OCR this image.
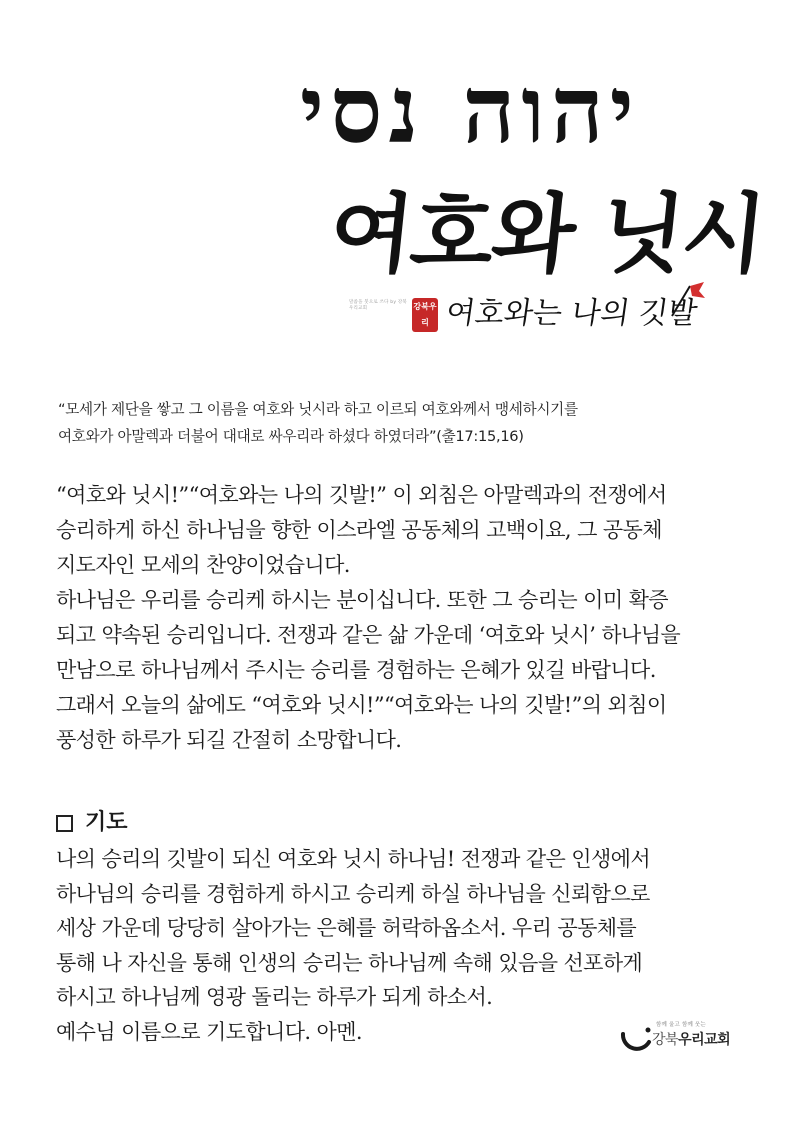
יהוה נסי
여호와 닛시
말씀을 붓으로 쓰다 by 강북우리교회	강북우리 여호와는 나의 깃발
“모세가 제단을 쌓고 그 이름을 여호와 닛시라 하고 이르되 여호와께서 맹세하시기를
여호와가 아말렉과 더불어 대대로 싸우리라 하셨다 하였더라”(출17:15,16)
“여호와 닛시!”“여호와는 나의 깃발!” 이 외침은 아말렉과의 전쟁에서
승리하게 하신 하나님을 향한 이스라엘 공동체의 고백이요, 그 공동체
지도자인 모세의 찬양이었습니다.
하나님은 우리를 승리케 하시는 분이십니다. 또한 그 승리는 이미 확증
되고 약속된 승리입니다. 전쟁과 같은 삶 가운데 ‘여호와 닛시’ 하나님을
만남으로 하나님께서 주시는 승리를 경험하는 은혜가 있길 바랍니다.
그래서 오늘의 삶에도 “여호와 닛시!”“여호와는 나의 깃발!”의 외침이
풍성한 하루가 되길 간절히 소망합니다.
기도
나의 승리의 깃발이 되신 여호와 닛시 하나님! 전쟁과 같은 인생에서
하나님의 승리를 경험하게 하시고 승리케 하실 하나님을 신뢰함으로
세상 가운데 당당히 살아가는 은혜를 허락하옵소서. 우리 공동체를
통해 나 자신을 통해 인생의 승리는 하나님께 속해 있음을 선포하게
하시고 하나님께 영광 돌리는 하루가 되게 하소서.
예수님 이름으로 기도합니다. 아멘.	함께 울고 함께 웃는
강북우리교회
